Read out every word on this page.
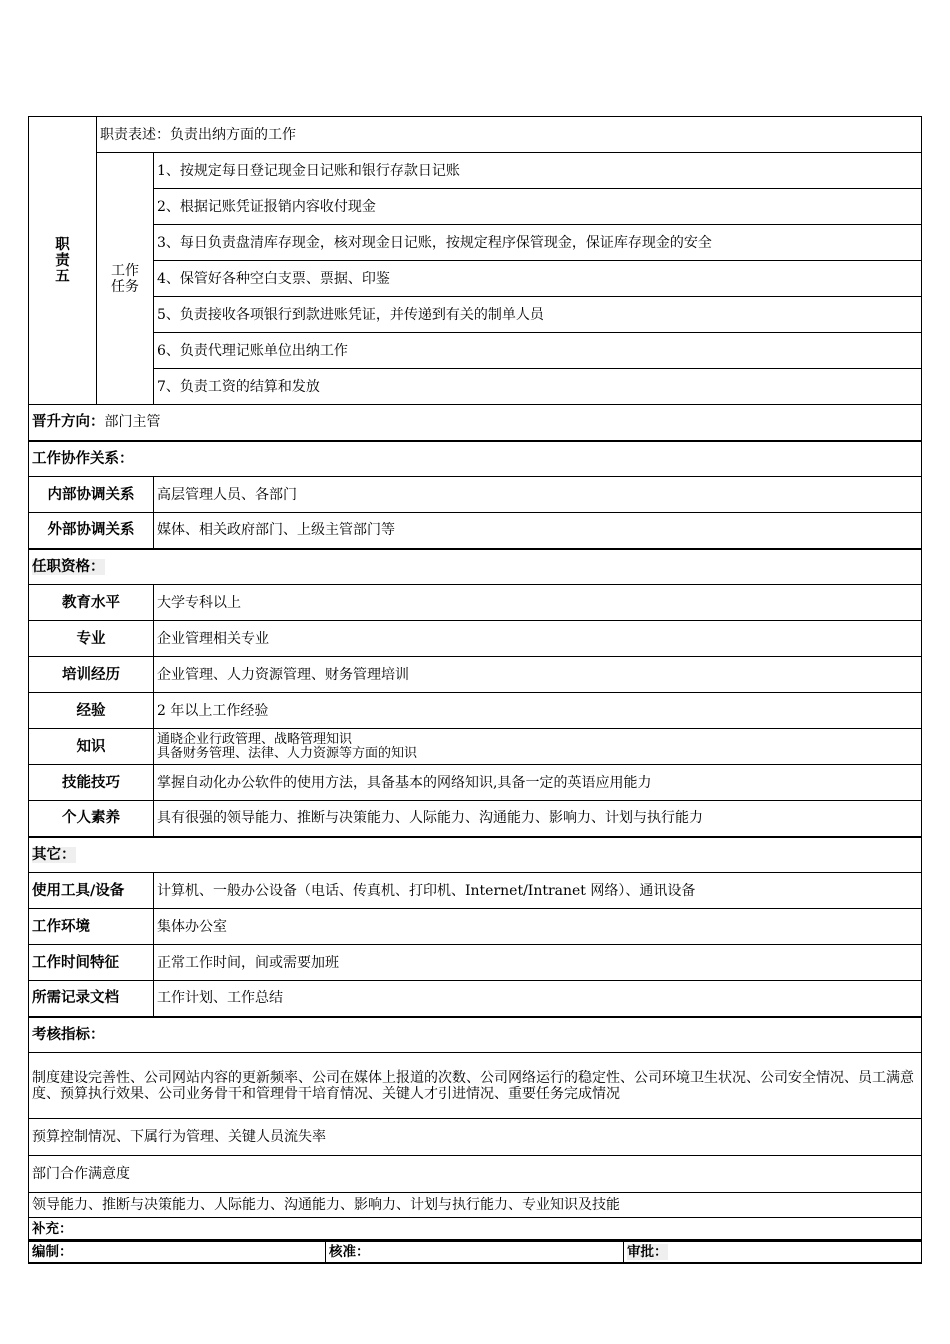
职责五	职责表述：负责出纳方面的工作	
	工作任务	1、按规定每日登记现金日记账和银行存款日记账
		2、根据记账凭证报销内容收付现金
		3、每日负责盘清库存现金，核对现金日记账，按规定程序保管现金，保证库存现金的安全
		4、保管好各种空白支票、票据、印鉴
		5、负责接收各项银行到款进账凭证，并传递到有关的制单人员
		6、负责代理记账单位出纳工作
		7、负责工资的结算和发放
晋升方向：部门主管		
工作协作关系：		
内部协调关系		高层管理人员、各部门
外部协调关系		媒体、相关政府部门、上级主管部门等
任职资格：		
教育水平		大学专科以上
专业		企业管理相关专业
培训经历		企业管理、人力资源管理、财务管理培训
经验		2 年以上工作经验
知识		通晓企业行政管理、战略管理知识
具备财务管理、法律、人力资源等方面的知识

技能技巧		掌握自动化办公软件的使用方法，具备基本的网络知识,具备一定的英语应用能力
个人素养		具有很强的领导能力、推断与决策能力、人际能力、沟通能力、影响力、计划与执行能力
其它：		
使用工具/设备		计算机、一般办公设备（电话、传真机、打印机、Internet/Intranet 网络）、通讯设备
工作环境		集体办公室
工作时间特征		正常工作时间，间或需要加班
所需记录文档		工作计划、工作总结
考核指标：		
制度建设完善性、公司网站内容的更新频率、公司在媒体上报道的次数、公司网络运行的稳定性、公司环境卫生状况、公司安全情况、员工满意度、预算执行效果、公司业务骨干和管理骨干培育情况、关键人才引进情况、重要任务完成情况		
预算控制情况、下属行为管理、关键人员流失率		
部门合作满意度		
领导能力、推断与决策能力、人际能力、沟通能力、影响力、计划与执行能力、专业知识及技能		
补充：		
编制：	核准：	审批：
